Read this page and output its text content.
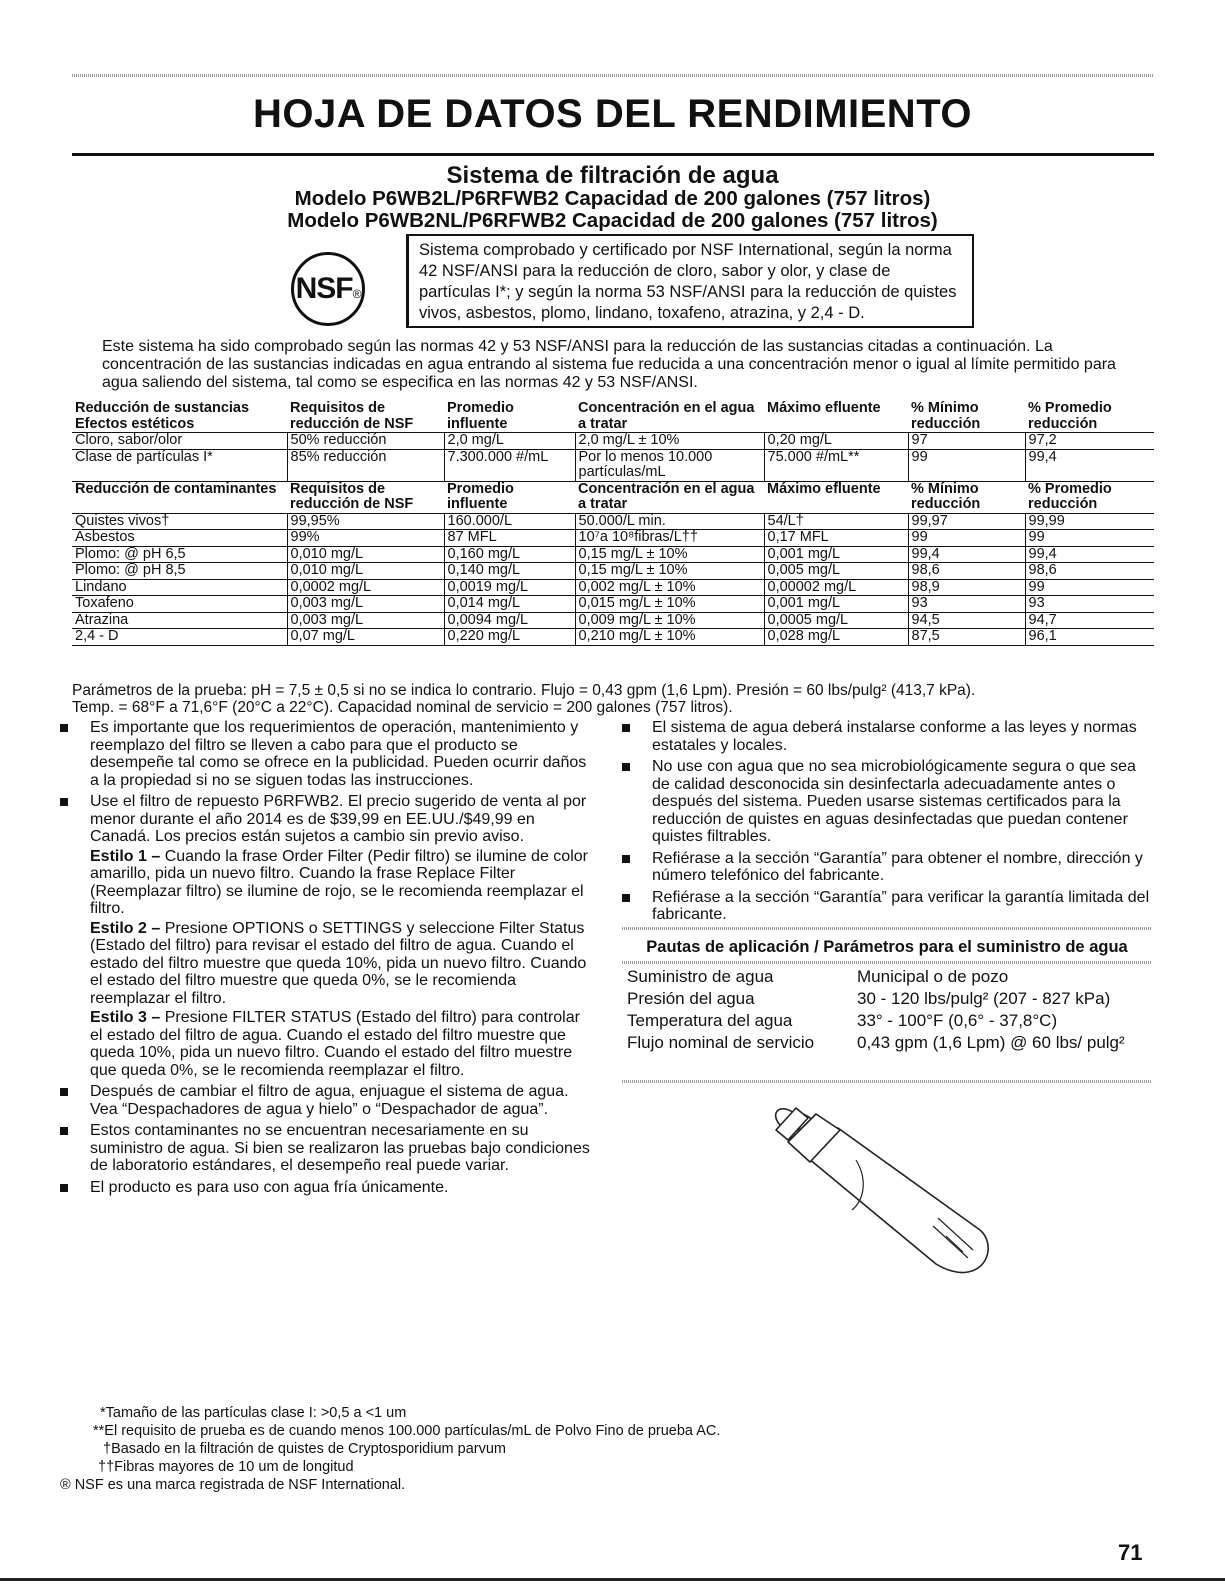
HOJA DE DATOS DEL RENDIMIENTO
Sistema de filtración de agua
Modelo P6WB2L/P6RFWB2 Capacidad de 200 galones (757 litros)
Modelo P6WB2NL/P6RFWB2 Capacidad de 200 galones (757 litros)
NSF®
Sistema comprobado y certificado por NSF International, según la norma 42 NSF/ANSI para la reducción de cloro, sabor y olor, y clase de partículas I*; y según la norma 53 NSF/ANSI para la reducción de quistes vivos, asbestos, plomo, lindano, toxafeno, atrazina, y 2,4 - D.
Este sistema ha sido comprobado según las normas 42 y 53 NSF/ANSI para la reducción de las sustancias citadas a continuación. La concentración de las sustancias indicadas en agua entrando al sistema fue reducida a una concentración menor o igual al límite permitido para agua saliendo del sistema, tal como se especifica en las normas 42 y 53 NSF/ANSI.
Reducción de sustancias Efectos estéticos	Requisitos de reducción de NSF	Promedio influente	Concentración en el agua a tratar	Máximo efluente	% Mínimo reducción	% Promedio reducción
Cloro, sabor/olor	50% reducción	2,0 mg/L	2,0 mg/L ± 10%	0,20 mg/L	97	97,2
Clase de partículas I*	85% reducción	7.300.000 #/mL	Por lo menos 10.000 partículas/mL	75.000 #/mL**	99	99,4
Reducción de contaminantes	Requisitos de reducción de NSF	Promedio influente	Concentración en el agua a tratar	Máximo efluente	% Mínimo reducción	% Promedio reducción
Quistes vivos†	99,95%	160.000/L	50.000/L min.	54/L†	99,97	99,99
Asbestos	99%	87 MFL	10⁷a 10⁸fibras/L††	0,17 MFL	99	99
Plomo: @ pH 6,5	0,010 mg/L	0,160 mg/L	0,15 mg/L ± 10%	0,001 mg/L	99,4	99,4
Plomo: @ pH 8,5	0,010 mg/L	0,140 mg/L	0,15 mg/L ± 10%	0,005 mg/L	98,6	98,6
Lindano	0,0002 mg/L	0,0019 mg/L	0,002 mg/L ± 10%	0,00002 mg/L	98,9	99
Toxafeno	0,003 mg/L	0,014 mg/L	0,015 mg/L ± 10%	0,001 mg/L	93	93
Atrazina	0,003 mg/L	0,0094 mg/L	0,009 mg/L ± 10%	0,0005 mg/L	94,5	94,7
2,4 - D	0,07 mg/L	0,220 mg/L	0,210 mg/L ± 10%	0,028 mg/L	87,5	96,1
Parámetros de la prueba: pH = 7,5 ± 0,5 si no se indica lo contrario. Flujo = 0,43 gpm (1,6 Lpm). Presión = 60 lbs/pulg² (413,7 kPa).
Temp. = 68°F a 71,6°F (20°C a 22°C). Capacidad nominal de servicio = 200 galones (757 litros).
Es importante que los requerimientos de operación, mantenimiento y reemplazo del filtro se lleven a cabo para que el producto se desempeñe tal como se ofrece en la publicidad. Pueden ocurrir daños a la propiedad si no se siguen todas las instrucciones.
Use el filtro de repuesto P6RFWB2. El precio sugerido de venta al por menor durante el año 2014 es de $39,99 en EE.UU./$49,99 en Canadá. Los precios están sujetos a cambio sin previo aviso.

Estilo 1 – Cuando la frase Order Filter (Pedir filtro) se ilumine de color amarillo, pida un nuevo filtro. Cuando la frase Replace Filter (Reemplazar filtro) se ilumine de rojo, se le recomienda reemplazar el filtro.

Estilo 2 – Presione OPTIONS o SETTINGS y seleccione Filter Status (Estado del filtro) para revisar el estado del filtro de agua. Cuando el estado del filtro muestre que queda 10%, pida un nuevo filtro. Cuando el estado del filtro muestre que queda 0%, se le recomienda reemplazar el filtro.

Estilo 3 – Presione FILTER STATUS (Estado del filtro) para controlar el estado del filtro de agua. Cuando el estado del filtro muestre que queda 10%, pida un nuevo filtro. Cuando el estado del filtro muestre que queda 0%, se le recomienda reemplazar el filtro.

Después de cambiar el filtro de agua, enjuague el sistema de agua. Vea “Despachadores de agua y hielo” o “Despachador de agua”.
Estos contaminantes no se encuentran necesariamente en su suministro de agua. Si bien se realizaron las pruebas bajo condiciones de laboratorio estándares, el desempeño real puede variar.
El producto es para uso con agua fría únicamente.
El sistema de agua deberá instalarse conforme a las leyes y normas estatales y locales.
No use con agua que no sea microbiológicamente segura o que sea de calidad desconocida sin desinfectarla adecuadamente antes o después del sistema. Pueden usarse sistemas certificados para la reducción de quistes en aguas desinfectadas que puedan contener quistes filtrables.
Refiérase a la sección “Garantía” para obtener el nombre, dirección y número telefónico del fabricante.
Refiérase a la sección “Garantía” para verificar la garantía limitada del fabricante.
Pautas de aplicación / Parámetros para el suministro de agua
Suministro de agua	Municipal o de pozo
Presión del agua	30 - 120 lbs/pulg² (207 - 827 kPa)
Temperatura del agua	33° - 100°F (0,6° - 37,8°C)
Flujo nominal de servicio	0,43 gpm (1,6 Lpm) @ 60 lbs/ pulg²
*Tamaño de las partículas clase I: >0,5 a <1 um
**El requisito de prueba es de cuando menos 100.000 partículas/mL de Polvo Fino de prueba AC.
†Basado en la filtración de quistes de Cryptosporidium parvum
††Fibras mayores de 10 um de longitud
® NSF es una marca registrada de NSF International.
71
